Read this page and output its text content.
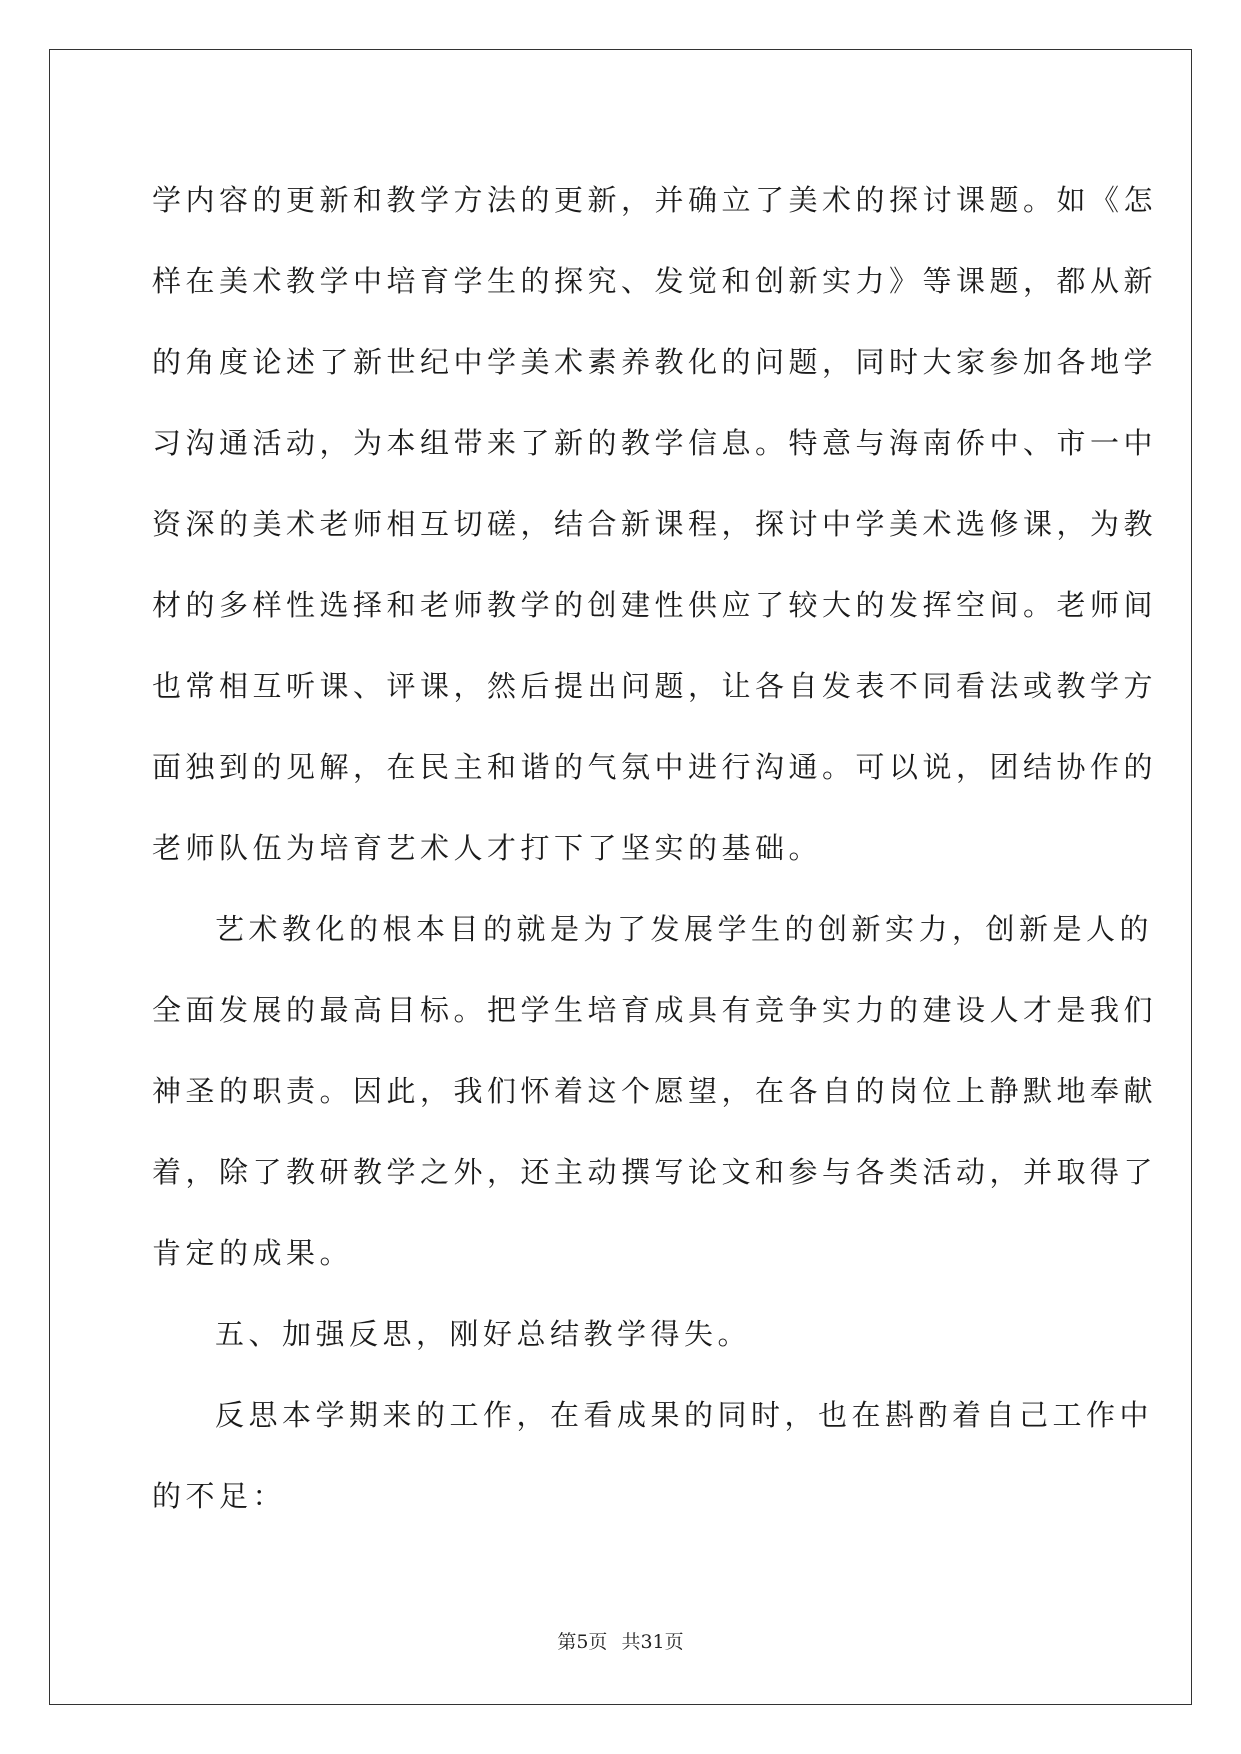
学内容的更新和教学方法的更新，并确立了美术的探讨课题。如《怎

样在美术教学中培育学生的探究、发觉和创新实力》等课题，都从新

的角度论述了新世纪中学美术素养教化的问题，同时大家参加各地学

习沟通活动，为本组带来了新的教学信息。特意与海南侨中、市一中

资深的美术老师相互切磋，结合新课程，探讨中学美术选修课，为教

材的多样性选择和老师教学的创建性供应了较大的发挥空间。老师间

也常相互听课、评课，然后提出问题，让各自发表不同看法或教学方

面独到的见解，在民主和谐的气氛中进行沟通。可以说，团结协作的

老师队伍为培育艺术人才打下了坚实的基础。

艺术教化的根本目的就是为了发展学生的创新实力，创新是人的

全面发展的最高目标。把学生培育成具有竞争实力的建设人才是我们

神圣的职责。因此，我们怀着这个愿望，在各自的岗位上静默地奉献

着，除了教研教学之外，还主动撰写论文和参与各类活动，并取得了

肯定的成果。

五、加强反思，刚好总结教学得失。

反思本学期来的工作，在看成果的同时，也在斟酌着自己工作中

的不足：

第5页 共31页
